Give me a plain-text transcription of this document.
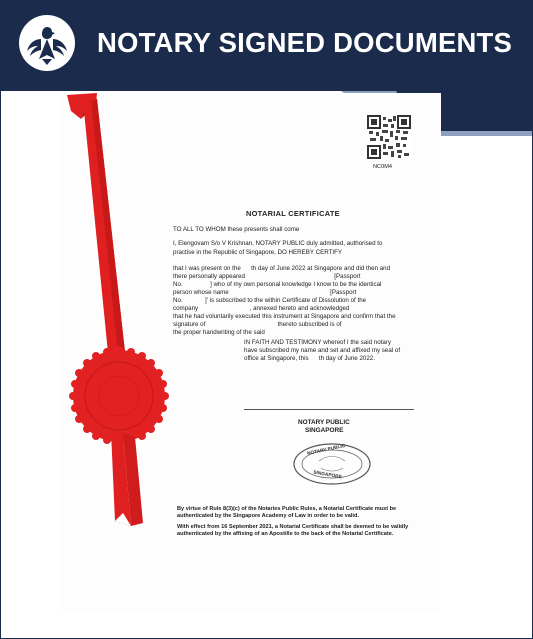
NOTARY SIGNED DOCUMENTS
NC0M4
NOTARIAL CERTIFICATE
TO ALL TO WHOM these presents shall come
I, Elengovam S/o V Krishnan, NOTARY PUBLIC duly admitted, authorised to
practise in the Republic of Singapore, DO HEREBY CERTIFY
that I was present on the      th day of June 2022 at Singapore and did then and
there personally appeared                                                    [Passport
No.                ] who of my own personal knowledge I know to be the identical
person whose name                                                           [Passport
No.             ]' is subscribed to the within Certificate of Dissolution of the
company                              , annexed hereto and acknowledged
that he had voluntarily executed this instrument at Singapore and confirm that the
signature of                                          thereto subscribed is of
the proper handwriting of the said
IN FAITH AND TESTIMONY whereof I the said notary
have subscribed my name and set and affixed my seal of
office at Singapore, this      th day of June 2022.
NOTARY PUBLIC
SINGAPORE
NOTARY PUBLIC
SINGAPORE
By virtue of Rule 8(3)(c) of the Notaries Public Rules, a Notarial Certificate must be
authenticated by the Singapore Academy of Law in order to be valid.
With effect from 16 September 2021, a Notarial Certificate shall be deemed to be validly
authenticated by the affixing of an Apostille to the back of the Notarial Certificate.
